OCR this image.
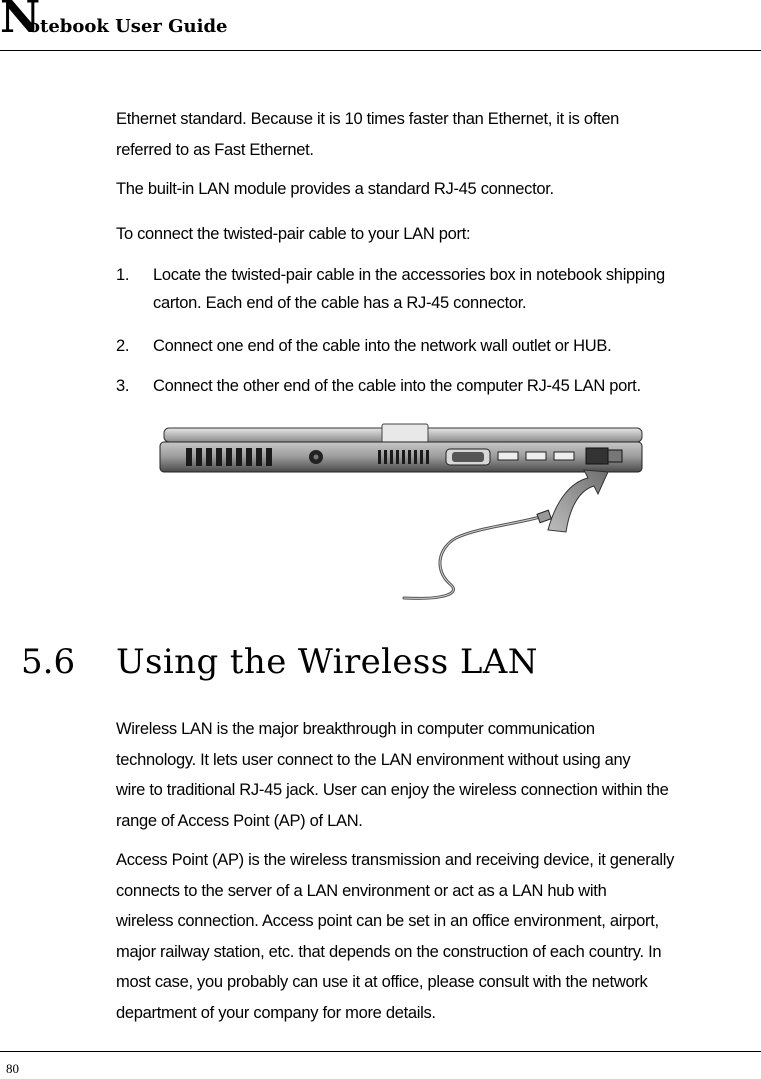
N
otebook User Guide
Ethernet standard. Because it is 10 times faster than Ethernet, it is often
referred to as Fast Ethernet.
The built-in LAN module provides a standard RJ-45 connector.
To connect the twisted-pair cable to your LAN port:
1.	Locate the twisted-pair cable in the accessories box in notebook shipping
carton. Each end of the cable has a RJ-45 connector.
2.	Connect one end of the cable into the network wall outlet or HUB.
3.	Connect the other end of the cable into the computer RJ-45 LAN port.
5.6 Using the Wireless LAN
Wireless LAN is the major breakthrough in computer communication
technology. It lets user connect to the LAN environment without using any
wire to traditional RJ-45 jack. User can enjoy the wireless connection within the
range of Access Point (AP) of LAN.
Access Point (AP) is the wireless transmission and receiving device, it generally
connects to the server of a LAN environment or act as a LAN hub with
wireless connection. Access point can be set in an office environment, airport,
major railway station, etc. that depends on the construction of each country. In
most case, you probably can use it at office, please consult with the network
department of your company for more details.
80
